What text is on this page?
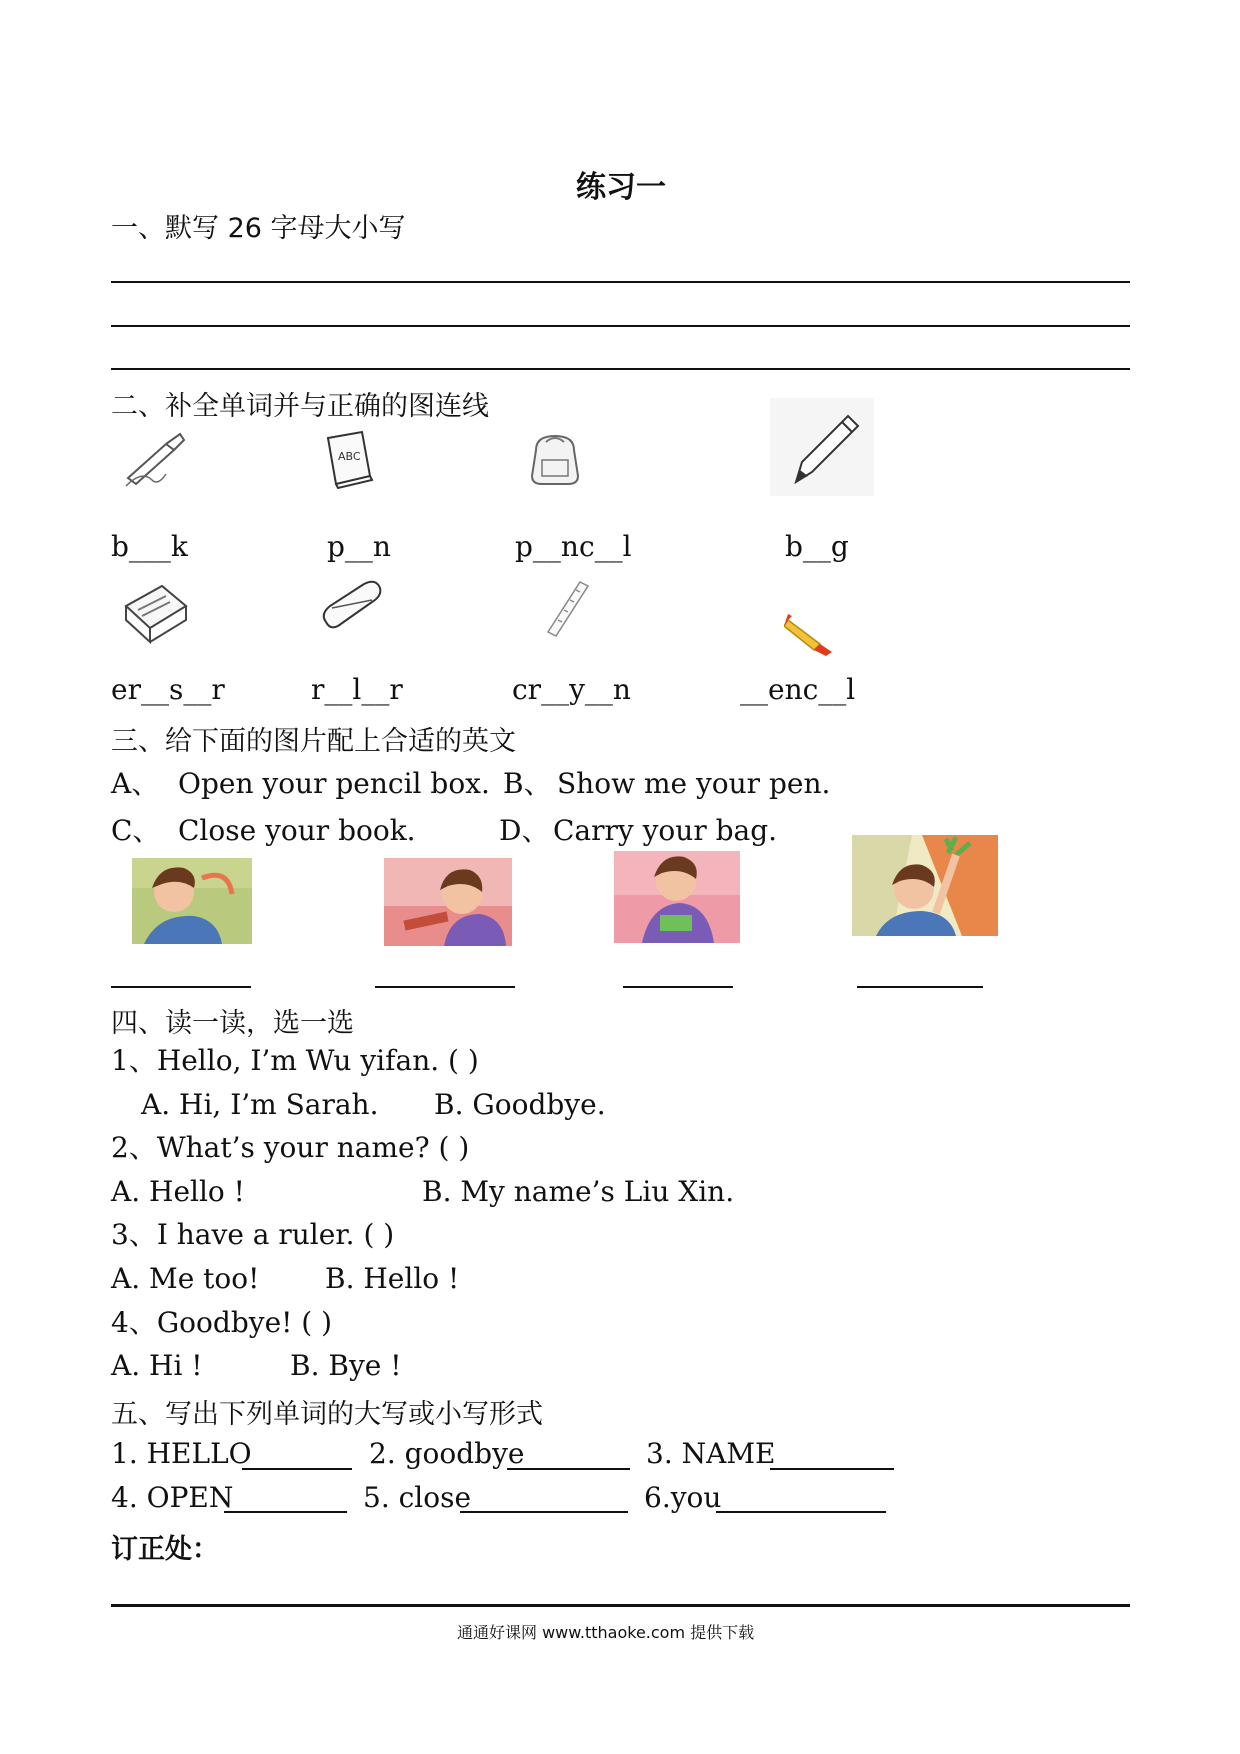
练习一
一、默写 26 字母大小写
二、补全单词并与正确的图连线
ABC
b___k	p__n	p__nc__l	b__g
er__s__r	r__l__r	cr__y__n	__enc__l
三、给下面的图片配上合适的英文
A、 Open your pencil box. B、 Show me your pen.
C、 Close your book.	D、 Carry your bag.
四、读一读，选一选
1、Hello, I’m Wu yifan. ( )
A. Hi, I’m Sarah. B. Goodbye.
2、What’s your name? ( )
A. Hello !	B. My name’s Liu Xin.
3、I have a ruler. ( )
A. Me too! B. Hello !
4、Goodbye! ( )
A. Hi !	B. Bye !
五、写出下列单词的大写或小写形式
1. HELLO	2. goodbye	3. NAME
4. OPEN	5. close	6.you
订正处：
通通好课网 www.tthaoke.com 提供下载
